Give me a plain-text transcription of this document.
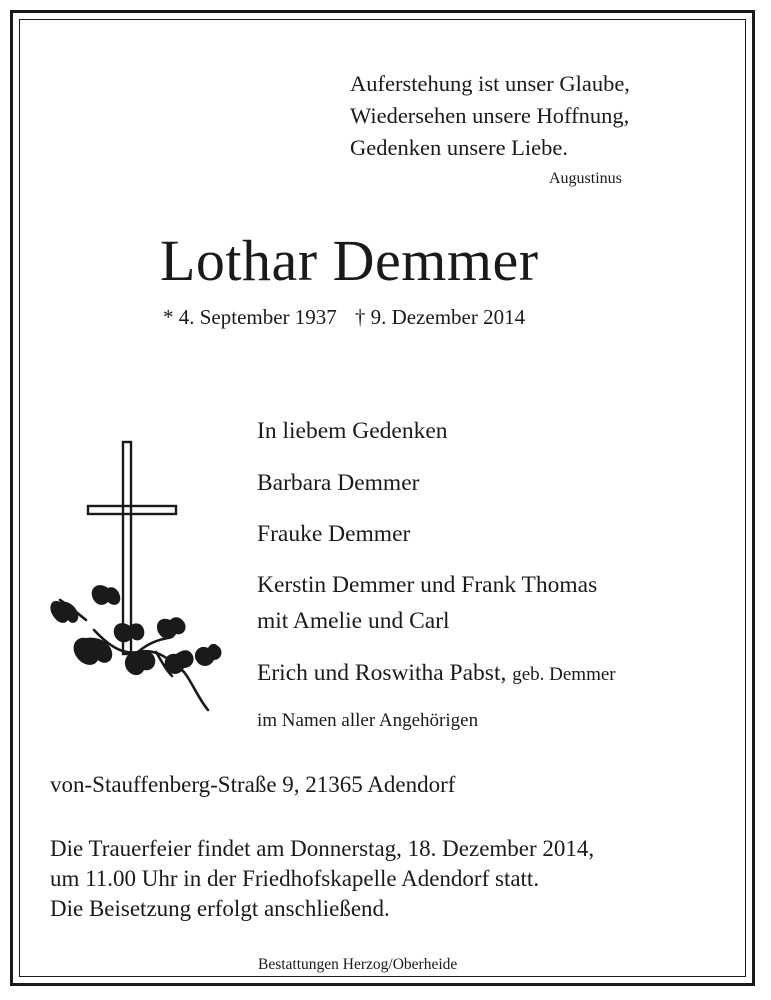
Auferstehung ist unser Glaube,
Wiedersehen unsere Hoffnung,
Gedenken unsere Liebe.
Augustinus
Lothar Demmer
* 4. September 1937 † 9. Dezember 2014
In liebem Gedenken
Barbara Demmer
Frauke Demmer
Kerstin Demmer und Frank Thomas
mit Amelie und Carl
Erich und Roswitha Pabst, geb. Demmer
im Namen aller Angehörigen
von-Stauffenberg-Straße 9, 21365 Adendorf
Die Trauerfeier findet am Donnerstag, 18. Dezember 2014,
um 11.00 Uhr in der Friedhofskapelle Adendorf statt.
Die Beisetzung erfolgt anschließend.
Bestattungen Herzog/Oberheide
